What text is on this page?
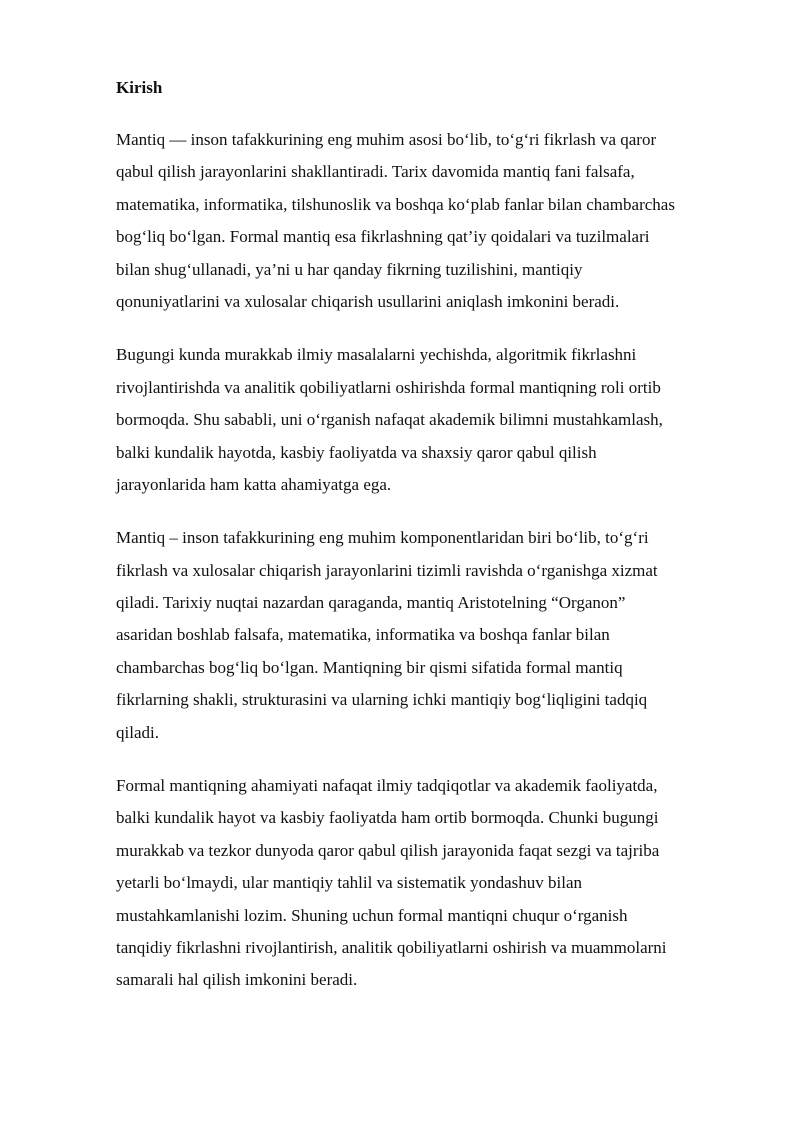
Kirish

Mantiq — inson tafakkurining eng muhim asosi bo‘lib, to‘g‘ri fikrlash va qaror
qabul qilish jarayonlarini shakllantiradi. Tarix davomida mantiq fani falsafa,
matematika, informatika, tilshunoslik va boshqa ko‘plab fanlar bilan chambarchas
bog‘liq bo‘lgan. Formal mantiq esa fikrlashning qat’iy qoidalari va tuzilmalari
bilan shug‘ullanadi, ya’ni u har qanday fikrning tuzilishini, mantiqiy
qonuniyatlarini va xulosalar chiqarish usullarini aniqlash imkonini beradi.

Bugungi kunda murakkab ilmiy masalalarni yechishda, algoritmik fikrlashni
rivojlantirishda va analitik qobiliyatlarni oshirishda formal mantiqning roli ortib
bormoqda. Shu sababli, uni o‘rganish nafaqat akademik bilimni mustahkamlash,
balki kundalik hayotda, kasbiy faoliyatda va shaxsiy qaror qabul qilish
jarayonlarida ham katta ahamiyatga ega.

Mantiq – inson tafakkurining eng muhim komponentlaridan biri bo‘lib, to‘g‘ri
fikrlash va xulosalar chiqarish jarayonlarini tizimli ravishda o‘rganishga xizmat
qiladi. Tarixiy nuqtai nazardan qaraganda, mantiq Aristotelning “Organon”
asaridan boshlab falsafa, matematika, informatika va boshqa fanlar bilan
chambarchas bog‘liq bo‘lgan. Mantiqning bir qismi sifatida formal mantiq
fikrlarning shakli, strukturasini va ularning ichki mantiqiy bog‘liqligini tadqiq
qiladi.

Formal mantiqning ahamiyati nafaqat ilmiy tadqiqotlar va akademik faoliyatda,
balki kundalik hayot va kasbiy faoliyatda ham ortib bormoqda. Chunki bugungi
murakkab va tezkor dunyoda qaror qabul qilish jarayonida faqat sezgi va tajriba
yetarli bo‘lmaydi, ular mantiqiy tahlil va sistematik yondashuv bilan
mustahkamlanishi lozim. Shuning uchun formal mantiqni chuqur o‘rganish
tanqidiy fikrlashni rivojlantirish, analitik qobiliyatlarni oshirish va muammolarni
samarali hal qilish imkonini beradi.
